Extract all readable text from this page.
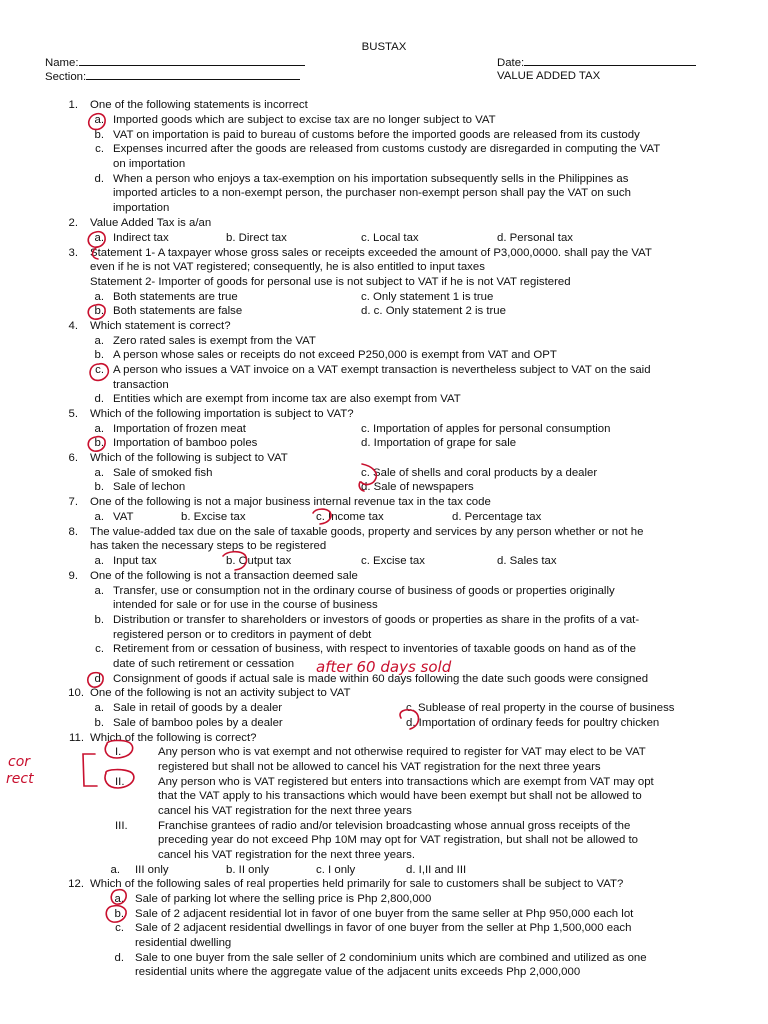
BUSTAX
Name:
Section:
Date:
VALUE ADDED TAX
1. One of the following statements is incorrect
a. Imported goods which are subject to excise tax are no longer subject to VAT
b. VAT on importation is paid to bureau of customs before the imported goods are released from its custody
c. Expenses incurred after the goods are released from customs custody are disregarded in computing the VAT
on importation
d. When a person who enjoys a tax-exemption on his importation subsequently sells in the Philippines as
imported articles to a non-exempt person, the purchaser non-exempt person shall pay the VAT on such
importation
2. Value Added Tax is a/an
a. Indirect tax	b. Direct tax	c. Local tax	d. Personal tax
3. Statement 1- A taxpayer whose gross sales or receipts exceeded the amount of P3,000,0000. shall pay the VAT
even if he is not VAT registered; consequently, he is also entitled to input taxes
Statement 2- Importer of goods for personal use is not subject to VAT if he is not VAT registered
a. Both statements are true	c. Only statement 1 is true
b. Both statements are false	d. c. Only statement 2 is true
4. Which statement is correct?
a. Zero rated sales is exempt from the VAT
b. A person whose sales or receipts do not exceed P250,000 is exempt from VAT and OPT
c. A person who issues a VAT invoice on a VAT exempt transaction is nevertheless subject to VAT on the said
transaction
d. Entities which are exempt from income tax are also exempt from VAT
5. Which of the following importation is subject to VAT?
a. Importation of frozen meat	c. Importation of apples for personal consumption
b. Importation of bamboo poles	d. Importation of grape for sale
6. Which of the following is subject to VAT
a. Sale of smoked fish	c. Sale of shells and coral products by a dealer
b. Sale of lechon	d. Sale of newspapers
7. One of the following is not a major business internal revenue tax in the tax code
a. VAT	b. Excise tax	c. Income tax	d. Percentage tax
8. The value-added tax due on the sale of taxable goods, property and services by any person whether or not he
has taken the necessary steps to be registered
a. Input tax	b. Output tax	c. Excise tax	d. Sales tax
9. One of the following is not a transaction deemed sale
a. Transfer, use or consumption not in the ordinary course of business of goods or properties originally
intended for sale or for use in the course of business
b. Distribution or transfer to shareholders or investors of goods or properties as share in the profits of a vat-
registered person or to creditors in payment of debt
c. Retirement from or cessation of business, with respect to inventories of taxable goods on hand as of the
date of such retirement or cessation
d. Consignment of goods if actual sale is made within 60 days following the date such goods were consigned
10. One of the following is not an activity subject to VAT
a. Sale in retail of goods by a dealer	c. Sublease of real property in the course of business
b. Sale of bamboo poles by a dealer	d. Importation of ordinary feeds for poultry chicken
11. Which of the following is correct?
I.	Any person who is vat exempt and not otherwise required to register for VAT may elect to be VAT
registered but shall not be allowed to cancel his VAT registration for the next three years
II.	Any person who is VAT registered but enters into transactions which are exempt from VAT may opt
that the VAT apply to his transactions which would have been exempt but shall not be allowed to
cancel his VAT registration for the next three years
III.	Franchise grantees of radio and/or television broadcasting whose annual gross receipts of the
preceding year do not exceed Php 10M may opt for VAT registration, but shall not be allowed to
cancel his VAT registration for the next three years.
a. III only	b. II only	c. I only	d. I,II and III
12. Which of the following sales of real properties held primarily for sale to customers shall be subject to VAT?
a. Sale of parking lot where the selling price is Php 2,800,000
b. Sale of 2 adjacent residential lot in favor of one buyer from the same seller at Php 950,000 each lot
c. Sale of 2 adjacent residential dwellings in favor of one buyer from the seller at Php 1,500,000 each
residential dwelling
d. Sale to one buyer from the sale seller of 2 condominium units which are combined and utilized as one
residential units where the aggregate value of the adjacent units exceeds Php 2,000,000
after 60 days sold
cor
rect
